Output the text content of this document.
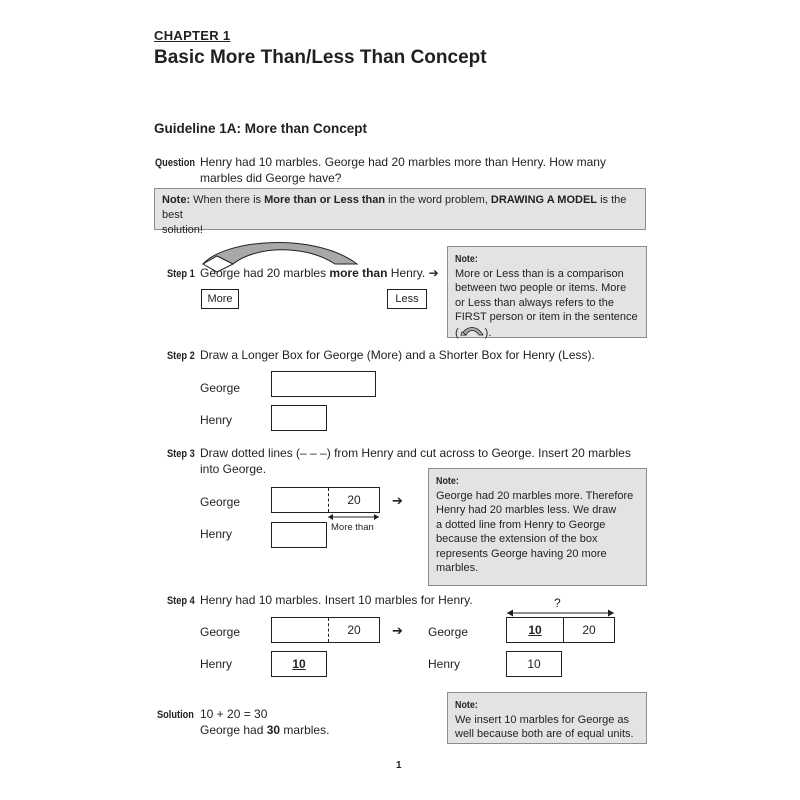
CHAPTER 1
Basic More Than/Less Than Concept
Guideline 1A: More than Concept
Question Henry had 10 marbles. George had 20 marbles more than Henry. How many
marbles did George have?
Note: When there is More than or Less than in the word problem, DRAWING A MODEL is the best
solution!
Step 1 George had 20 marbles more than Henry. ➔
More	Less
Note:
More or Less than is a comparison
between two people or items. More
or Less than always refers to the
FIRST person or item in the sentence
( ).
Step 2 Draw a Longer Box for George (More) and a Shorter Box for Henry (Less).
George
Henry
Step 3 Draw dotted lines (– – –) from Henry and cut across to George. Insert 20 marbles
into George.
George	20
More than
Henry
➔
Note:
George had 20 marbles more. Therefore
Henry had 20 marbles less. We draw
a dotted line from Henry to George
because the extension of the box
represents George having 20 more
marbles.
Step 4 Henry had 10 marbles. Insert 10 marbles for Henry.
George	20
Henry	10
➔
?
George	10	20
Henry	10
Solution 10 + 20 = 30
George had 30 marbles.
Note:
We insert 10 marbles for George as
well because both are of equal units.
1
